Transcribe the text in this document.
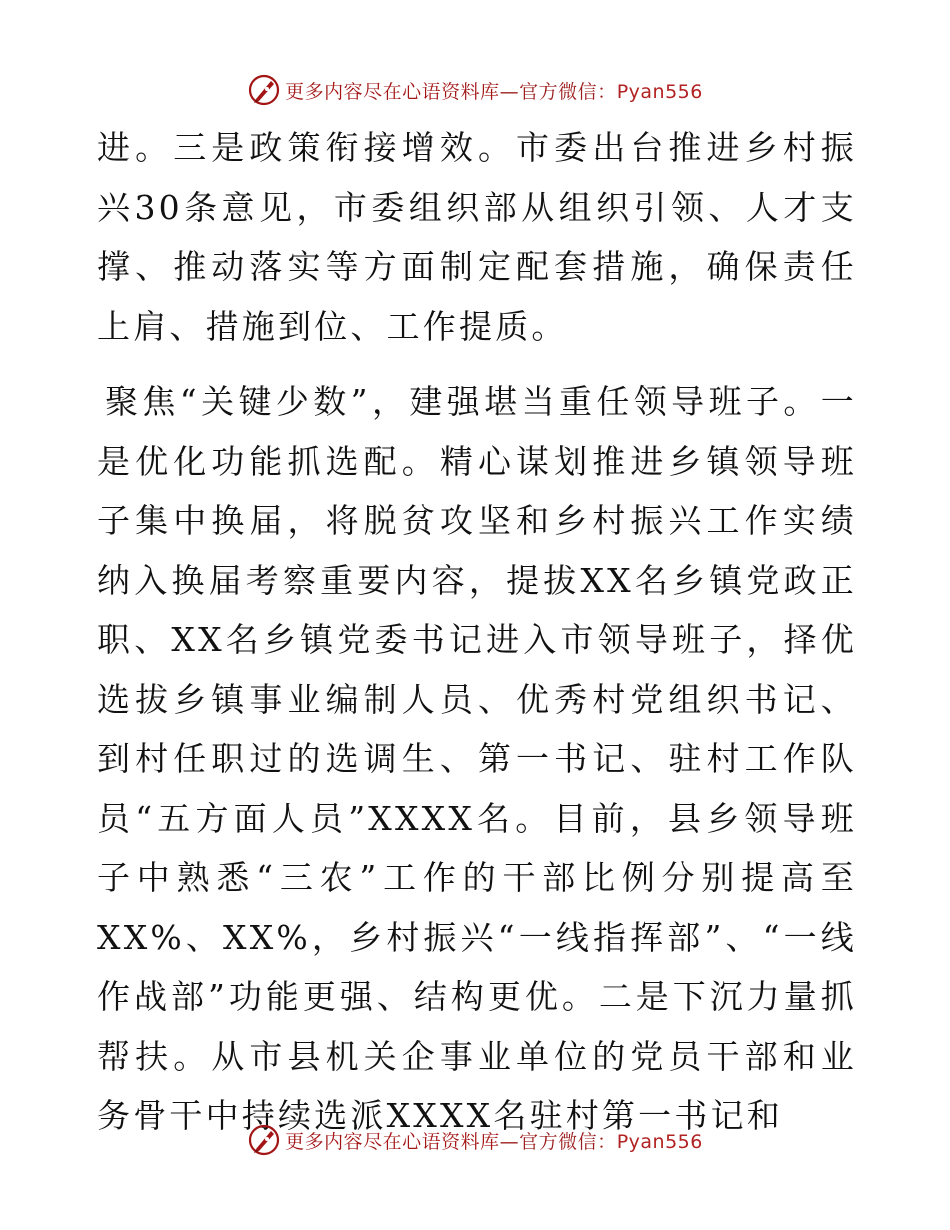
更多内容尽在心语资料库—官方微信：Pyan556

进。三是政策衔接增效。市委出台推进乡村振兴30条意见，市委组织部从组织引领、人才支撑、推动落实等方面制定配套措施，确保责任上肩、措施到位、工作提质。

聚焦“关键少数”，建强堪当重任领导班子。一是优化功能抓选配。精心谋划推进乡镇领导班子集中换届，将脱贫攻坚和乡村振兴工作实绩纳入换届考察重要内容，提拔XX名乡镇党政正职、XX名乡镇党委书记进入市领导班子，择优选拔乡镇事业编制人员、优秀村党组织书记、到村任职过的选调生、第一书记、驻村工作队员“五方面人员”XXXX名。目前，县乡领导班子中熟悉“三农”工作的干部比例分别提高至XX%、XX%，乡村振兴“一线指挥部”、“一线作战部”功能更强、结构更优。二是下沉力量抓帮扶。从市县机关企事业单位的党员干部和业务骨干中持续选派XXXX名驻村第一书记和

更多内容尽在心语资料库—官方微信：Pyan556
